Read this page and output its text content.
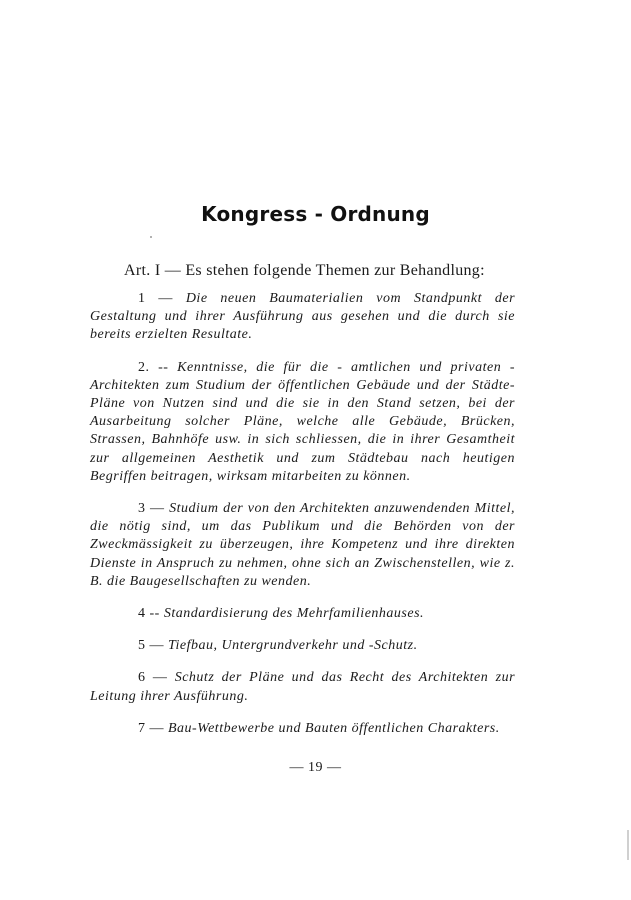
Kongress - Ordnung
Art. I — Es stehen folgende Themen zur Behandlung:

1 — Die neuen Baumaterialien vom Standpunkt der Gestaltung und ihrer Ausführung aus gesehen und die durch sie bereits erzielten Resultate.

2. -- Kenntnisse, die für die - amtlichen und privaten - Architekten zum Studium der öffentlichen Gebäude und der Städte-Pläne von Nutzen sind und die sie in den Stand setzen, bei der Ausarbeitung solcher Pläne, welche alle Gebäude, Brücken, Strassen, Bahnhöfe usw. in sich schliessen, die in ihrer Gesamtheit zur allgemeinen Aesthetik und zum Städtebau nach heutigen Begriffen beitragen, wirksam mitarbeiten zu können.

3 — Studium der von den Architekten anzuwendenden Mittel, die nötig sind, um das Publikum und die Behörden von der Zweckmässigkeit zu überzeugen, ihre Kompetenz und ihre direkten Dienste in Anspruch zu nehmen, ohne sich an Zwischenstellen, wie z. B. die Baugesellschaften zu wenden.

4 -- Standardisierung des Mehrfamilienhauses.

5 — Tiefbau, Untergrundverkehr und -Schutz.

6 — Schutz der Pläne und das Recht des Architekten zur Leitung ihrer Ausführung.

7 — Bau-Wettbewerbe und Bauten öffentlichen Charakters.

— 19 —
